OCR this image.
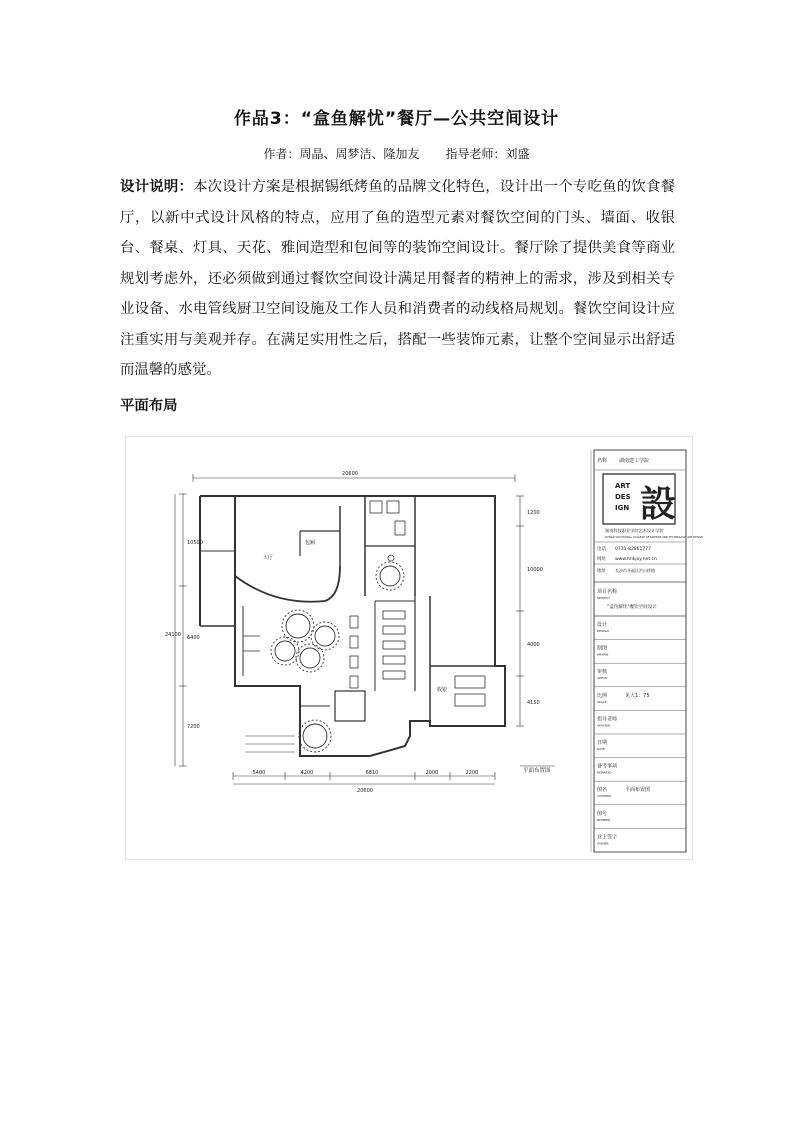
作品3：“盒鱼解忧”餐厅—公共空间设计
作者：周晶、周梦洁、隆加友 指导老师：刘盛

设计说明：本次设计方案是根据锡纸烤鱼的品牌文化特色，设计出一个专吃鱼的饮食餐厅，以新中式设计风格的特点，应用了鱼的造型元素对餐饮空间的门头、墙面、收银台、餐桌、灯具、天花、雅间造型和包间等的装饰空间设计。餐厅除了提供美食等商业规划考虑外，还必须做到通过餐饮空间设计满足用餐者的精神上的需求，涉及到相关专业设备、水电管线厨卫空间设施及工作人员和消费者的动线格局规划。餐饮空间设计应注重实用与美观并存。在满足实用性之后，搭配一些装饰元素，让整个空间显示出舒适而温馨的感觉。

平面布局
20600
20600
5400	4200	6810	2000	2200
1200
10000
4000
4150
10500
6400
7200
24100
大厅
包厢
收银
平面布置图
名称 湖南建工学院
ART
DES
IGN 設
湖南科技职业学院艺术设计学院
HUNAN VOCATIONAL COLLEGE OF SCIENCE AND TECHNOLOGY ART DESIGN
电话 0731-82861777
网址 www.hnkjxy.net.cn
地址 长沙市开福区洪山桥路
项目名称
PROJECT
“盒鱼解忧”餐饮空间设计
设计
DESIGN
制图
DRAWN
审核
CHECK
比例
SCALE
见大1：75
指导老师
ADVISER
日期
DATE
备考事项
REMARKS
图名
CONTENT
平面布置图
图号
NUMBER
业主签字
OWNER
